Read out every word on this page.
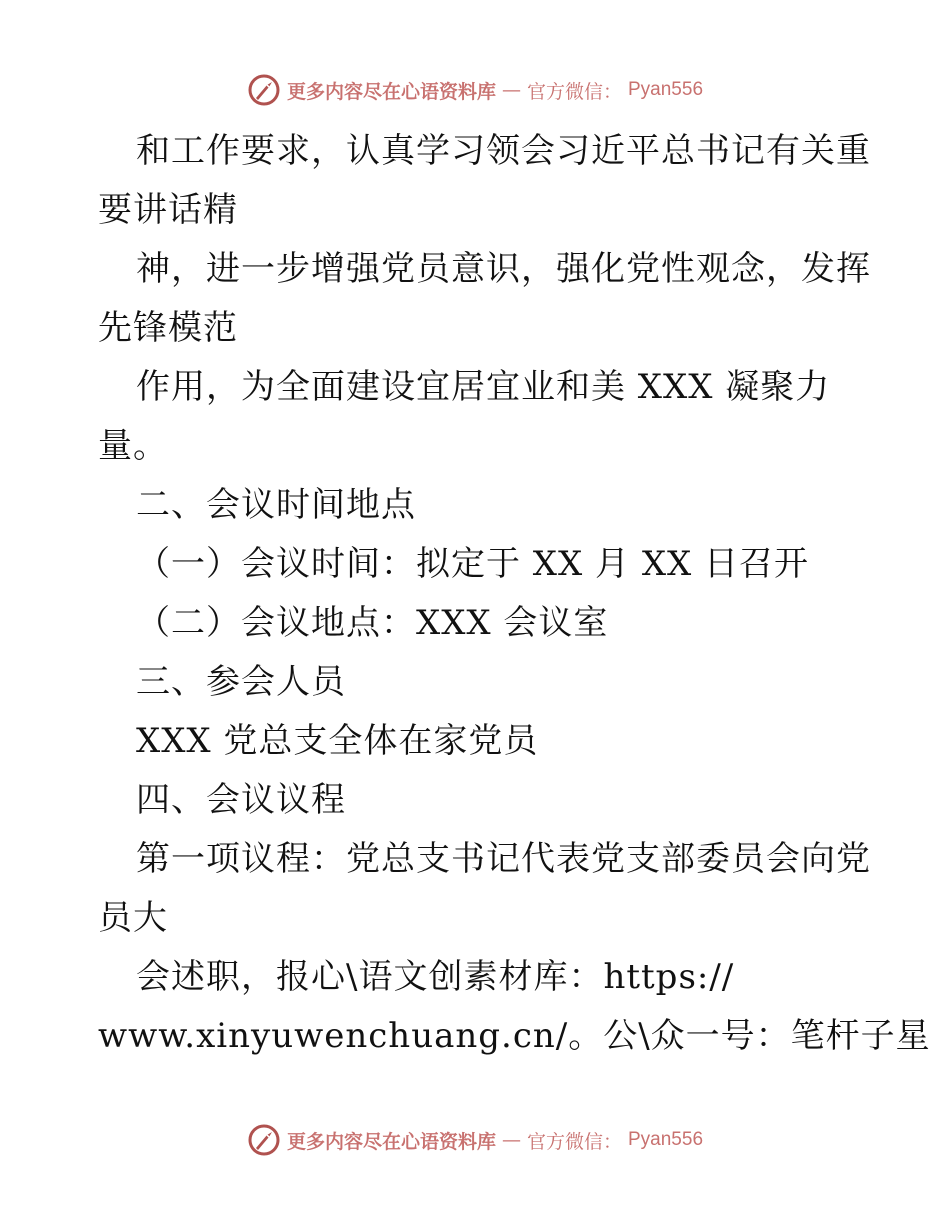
更多内容尽在心语资料库 — 官方微信： Pyan556
和工作要求，认真学习领会习近平总书记有关重
要讲话精
神，进一步增强党员意识，强化党性观念，发挥
先锋模范
作用，为全面建设宜居宜业和美 XXX 凝聚力
量。
二、会议时间地点
（一）会议时间：拟定于 XX 月 XX 日召开
（二）会议地点：XXX 会议室
三、参会人员
XXX 党总支全体在家党员
四、会议议程
第一项议程：党总支书记代表党支部委员会向党
员大
会述职，报心\语文创素材库：https://
www.xinyuwenchuang.cn/。公\众一号：笔杆子星
更多内容尽在心语资料库 — 官方微信： Pyan556
